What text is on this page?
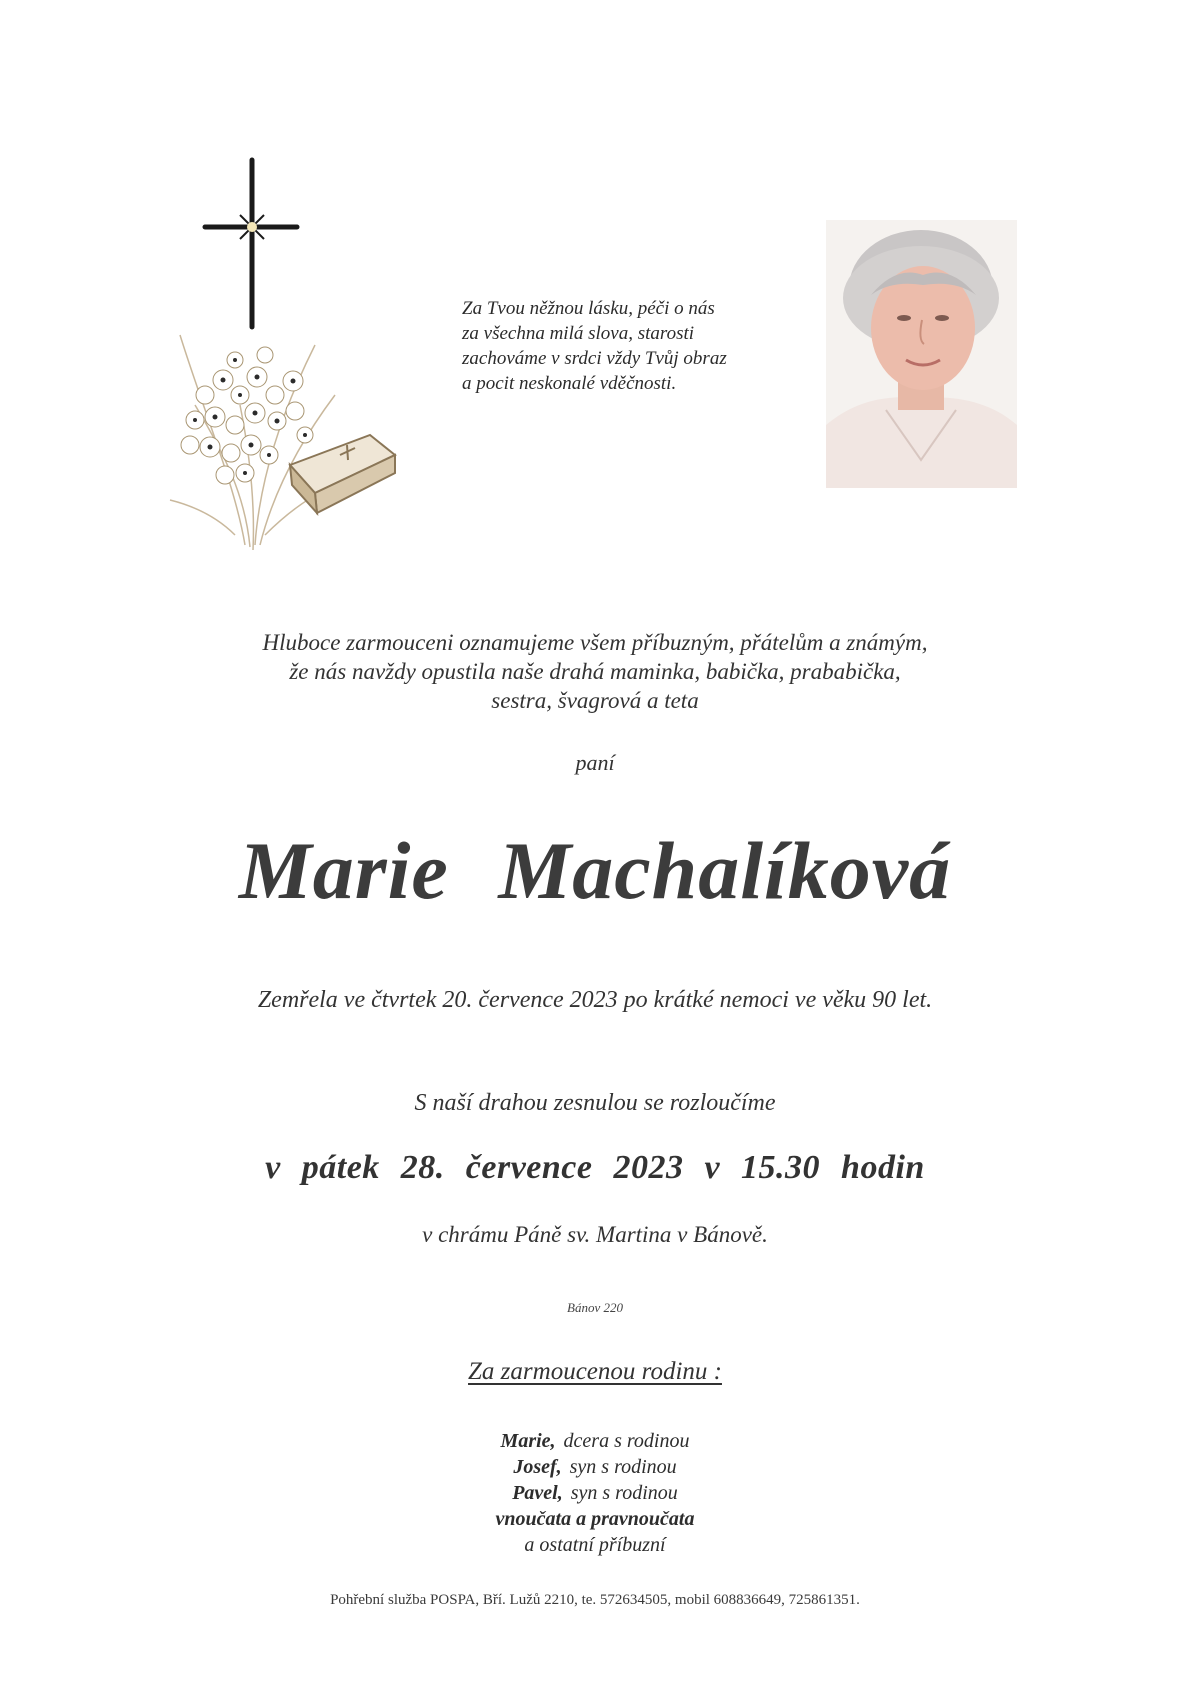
Za Tvou něžnou lásku, péči o nás
za všechna milá slova, starosti
zachováme v srdci vždy Tvůj obraz
a pocit neskonalé vděčnosti.
Hluboce zarmouceni oznamujeme všem příbuzným, přátelům a známým,
že nás navždy opustila naše drahá maminka, babička, prababička,
sestra, švagrová a teta
paní
Marie Machalíková
Zemřela ve čtvrtek 20. července 2023 po krátké nemoci ve věku 90 let.
S naší drahou zesnulou se rozloučíme
v pátek 28. července 2023 v 15.30 hodin
v chrámu Páně sv. Martina v Bánově.
Bánov 220
Za zarmoucenou rodinu :
Marie, dcera s rodinou
Josef, syn s rodinou
Pavel, syn s rodinou
vnoučata a pravnoučata
a ostatní příbuzní
Pohřební služba POSPA, Bří. Lužů 2210, te. 572634505, mobil 608836649, 725861351.
